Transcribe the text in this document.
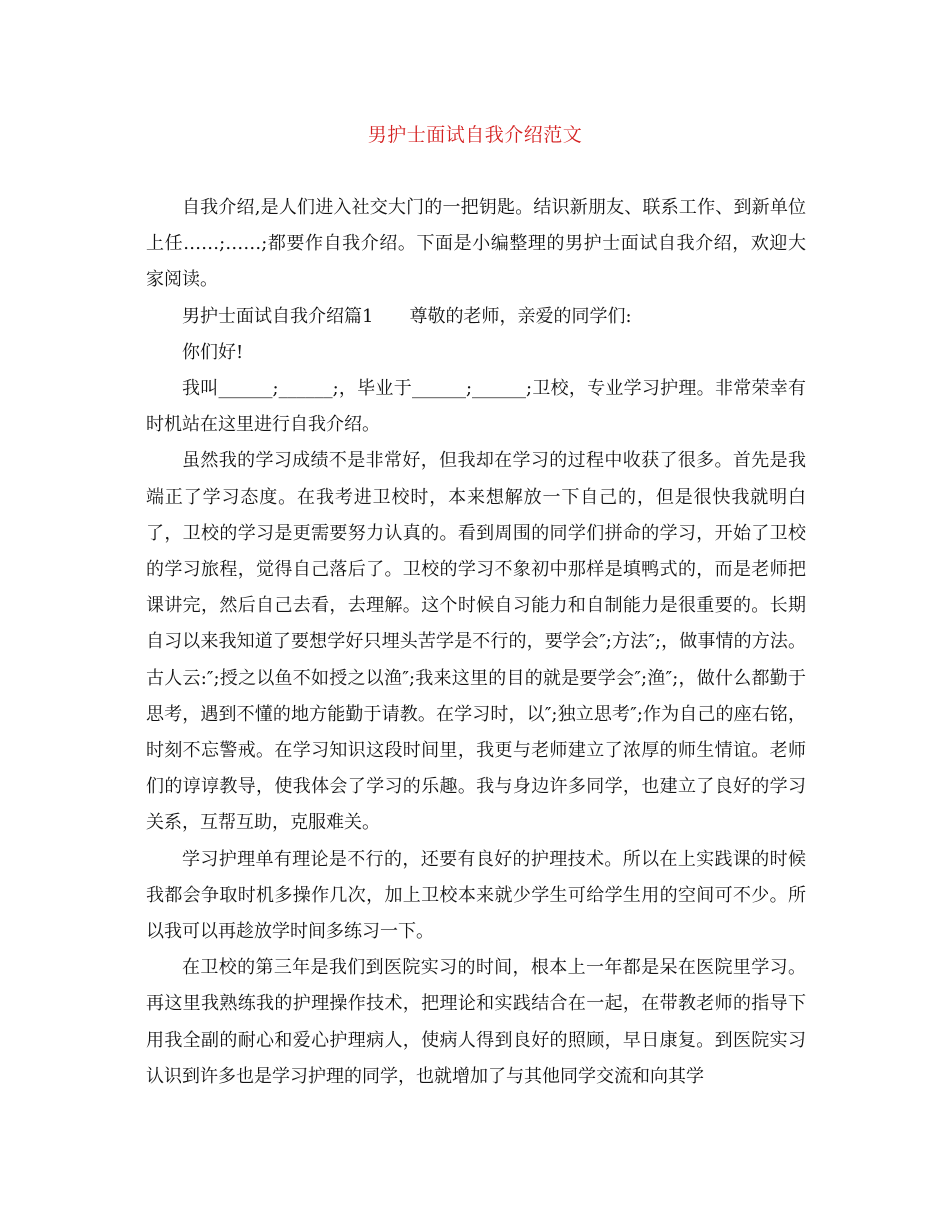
男护士面试自我介绍范文

自我介绍,是人们进入社交大门的一把钥匙。结识新朋友、联系工作、到新单位上任……;……;都要作自我介绍。下面是小编整理的男护士面试自我介绍，欢迎大家阅读。

男护士面试自我介绍篇1　　尊敬的老师，亲爱的同学们:

你们好!

我叫______;______;，毕业于______;______;卫校，专业学习护理。非常荣幸有时机站在这里进行自我介绍。

虽然我的学习成绩不是非常好，但我却在学习的过程中收获了很多。首先是我端正了学习态度。在我考进卫校时，本来想解放一下自己的，但是很快我就明白了，卫校的学习是更需要努力认真的。看到周围的同学们拼命的学习，开始了卫校的学习旅程，觉得自己落后了。卫校的学习不象初中那样是填鸭式的，而是老师把课讲完，然后自己去看，去理解。这个时候自习能力和自制能力是很重要的。长期自习以来我知道了要想学好只埋头苦学是不行的，要学会″;方法″;，做事情的方法。古人云:″;授之以鱼不如授之以渔″;我来这里的目的就是要学会″;渔″;，做什么都勤于思考，遇到不懂的地方能勤于请教。在学习时，以″;独立思考″;作为自己的座右铭，时刻不忘警戒。在学习知识这段时间里，我更与老师建立了浓厚的师生情谊。老师们的谆谆教导，使我体会了学习的乐趣。我与身边许多同学，也建立了良好的学习关系，互帮互助，克服难关。

学习护理单有理论是不行的，还要有良好的护理技术。所以在上实践课的时候我都会争取时机多操作几次，加上卫校本来就少学生可给学生用的空间可不少。所以我可以再趁放学时间多练习一下。

在卫校的第三年是我们到医院实习的时间，根本上一年都是呆在医院里学习。再这里我熟练我的护理操作技术，把理论和实践结合在一起，在带教老师的指导下用我全副的耐心和爱心护理病人，使病人得到良好的照顾，早日康复。到医院实习认识到许多也是学习护理的同学，也就增加了与其他同学交流和向其学
